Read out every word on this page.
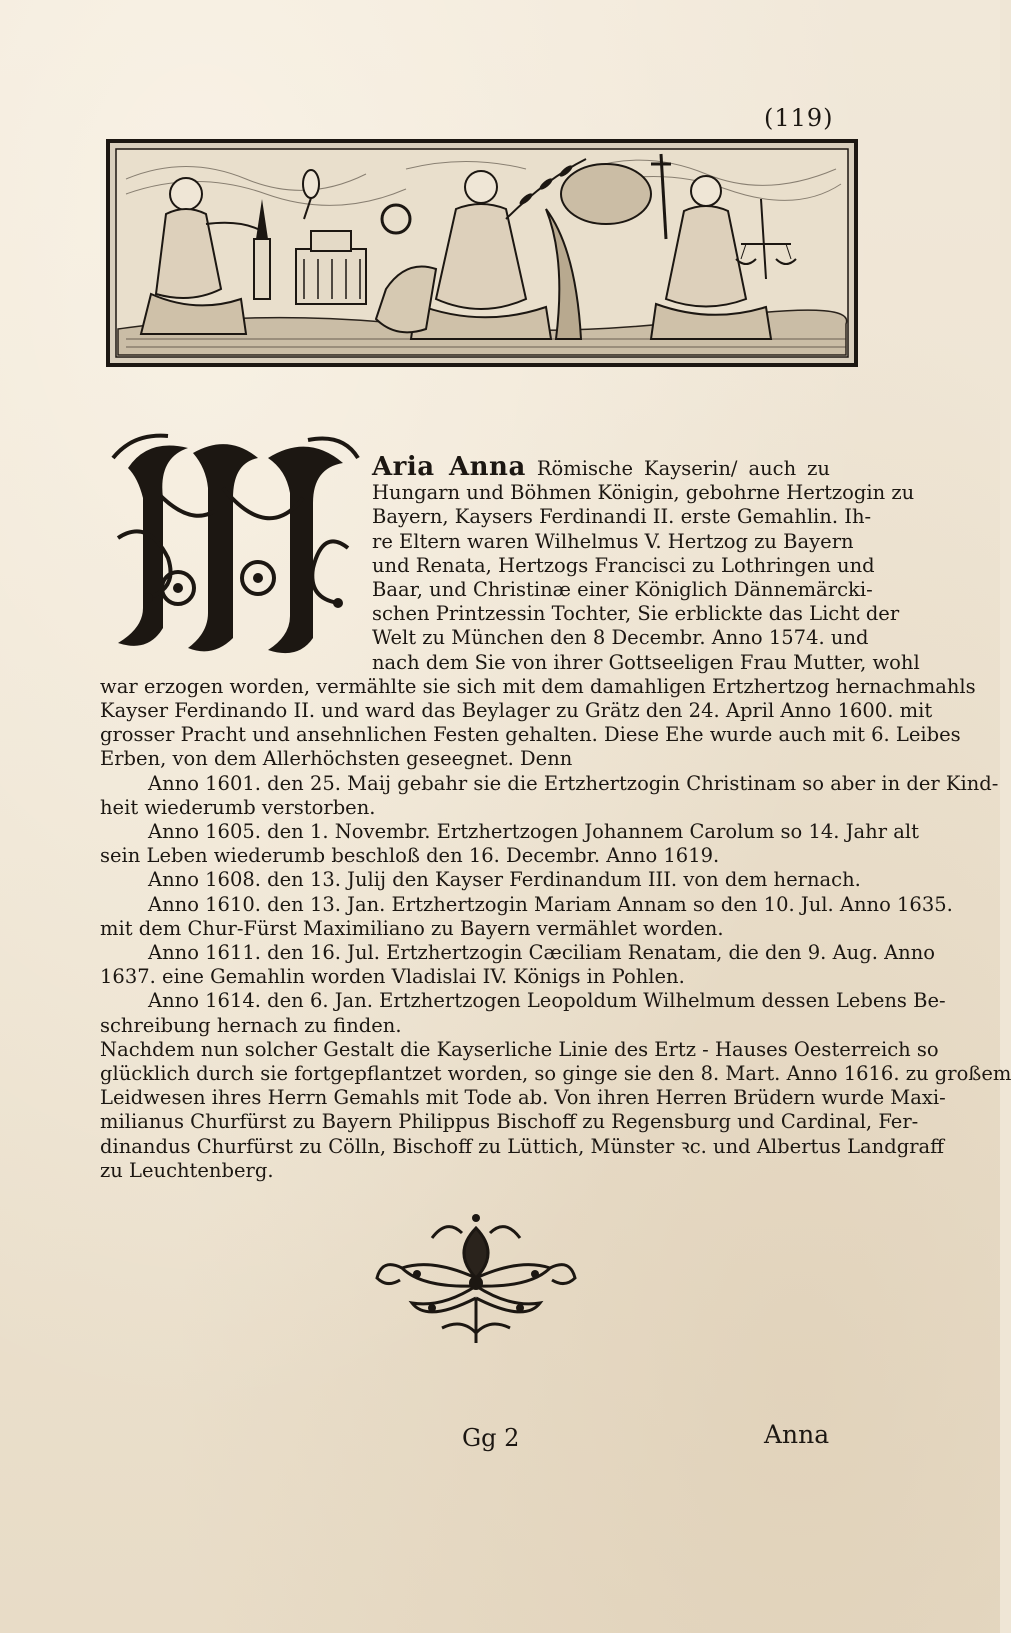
(119)
Aria Anna Römische Kayserin/ auch zu
Hungarn und Böhmen Königin, gebohrne Hertzogin zu
Bayern, Kaysers Ferdinandi II. erste Gemahlin. Ih-
re Eltern waren Wilhelmus V. Hertzog zu Bayern
und Renata, Hertzogs Francisci zu Lothringen und
Baar, und Christinæ einer Königlich Dännemärcki-
schen Printzessin Tochter, Sie erblickte das Licht der
Welt zu München den 8 Decembr. Anno 1574. und
nach dem Sie von ihrer Gottseeligen Frau Mutter, wohl
war erzogen worden, vermählte sie sich mit dem damahligen Ertzhertzog hernachmahls
Kayser Ferdinando II. und ward das Beylager zu Grätz den 24. April Anno 1600. mit
grosser Pracht und ansehnlichen Festen gehalten. Diese Ehe wurde auch mit 6. Leibes
Erben, von dem Allerhöchsten geseegnet. Denn
Anno 1601. den 25. Maij gebahr sie die Ertzhertzogin Christinam so aber in der Kind-
heit wiederumb verstorben.
Anno 1605. den 1. Novembr. Ertzhertzogen Johannem Carolum so 14. Jahr alt
sein Leben wiederumb beschloß den 16. Decembr. Anno 1619.
Anno 1608. den 13. Julij den Kayser Ferdinandum III. von dem hernach.
Anno 1610. den 13. Jan. Ertzhertzogin Mariam Annam so den 10. Jul. Anno 1635.
mit dem Chur-Fürst Maximiliano zu Bayern vermählet worden.
Anno 1611. den 16. Jul. Ertzhertzogin Cæciliam Renatam, die den 9. Aug. Anno
1637. eine Gemahlin worden Vladislai IV. Königs in Pohlen.
Anno 1614. den 6. Jan. Ertzhertzogen Leopoldum Wilhelmum dessen Lebens Be-
schreibung hernach zu finden.
Nachdem nun solcher Gestalt die Kayserliche Linie des Ertz - Hauses Oesterreich so
glücklich durch sie fortgepflantzet worden, so ginge sie den 8. Mart. Anno 1616. zu großem
Leidwesen ihres Herrn Gemahls mit Tode ab. Von ihren Herren Brüdern wurde Maxi-
milianus Churfürst zu Bayern Philippus Bischoff zu Regensburg und Cardinal, Fer-
dinandus Churfürst zu Cölln, Bischoff zu Lüttich, Münster ꝛc. und Albertus Landgraff
zu Leuchtenberg.
Gg 2	Anna
